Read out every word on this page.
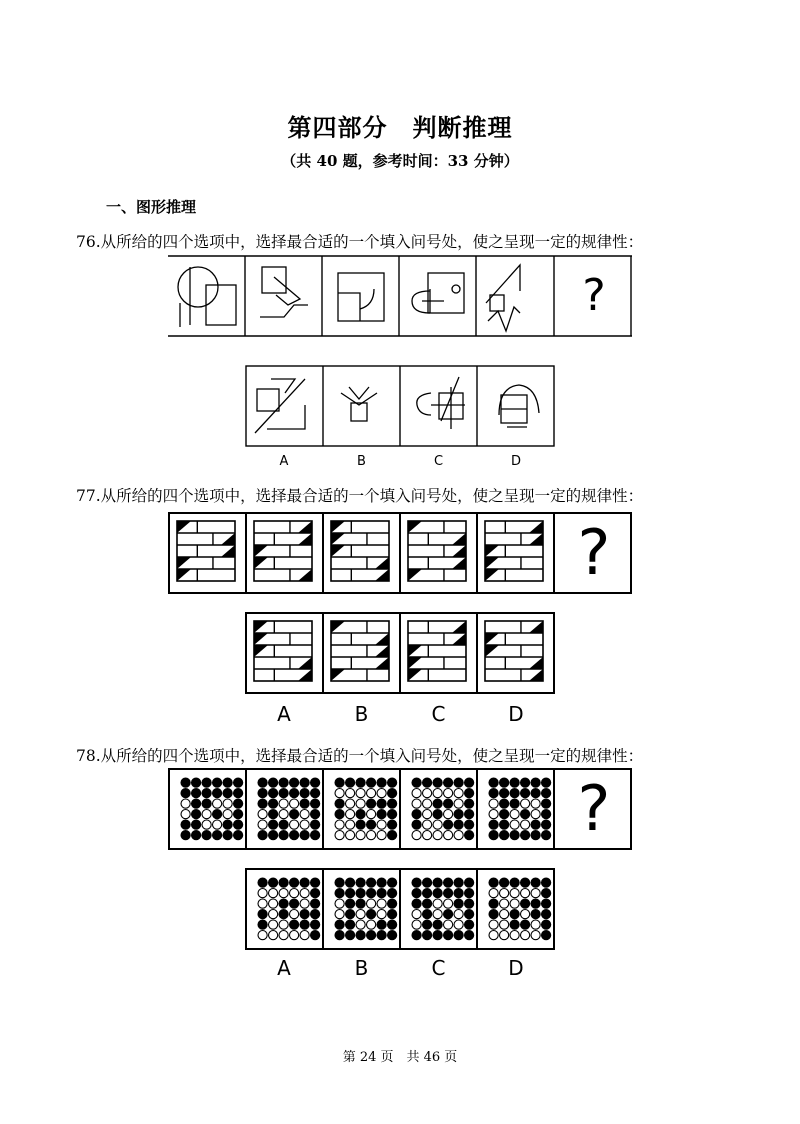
第四部分　判断推理
（共 40 题，参考时间：33 分钟）
一、图形推理
76.从所给的四个选项中，选择最合适的一个填入问号处，使之呈现一定的规律性：
?
A	B	C	D
77.从所给的四个选项中，选择最合适的一个填入问号处，使之呈现一定的规律性：
?
A	B	C	D
78.从所给的四个选项中，选择最合适的一个填入问号处，使之呈现一定的规律性：
?
A	B	C	D
第 24 页　共 46 页
